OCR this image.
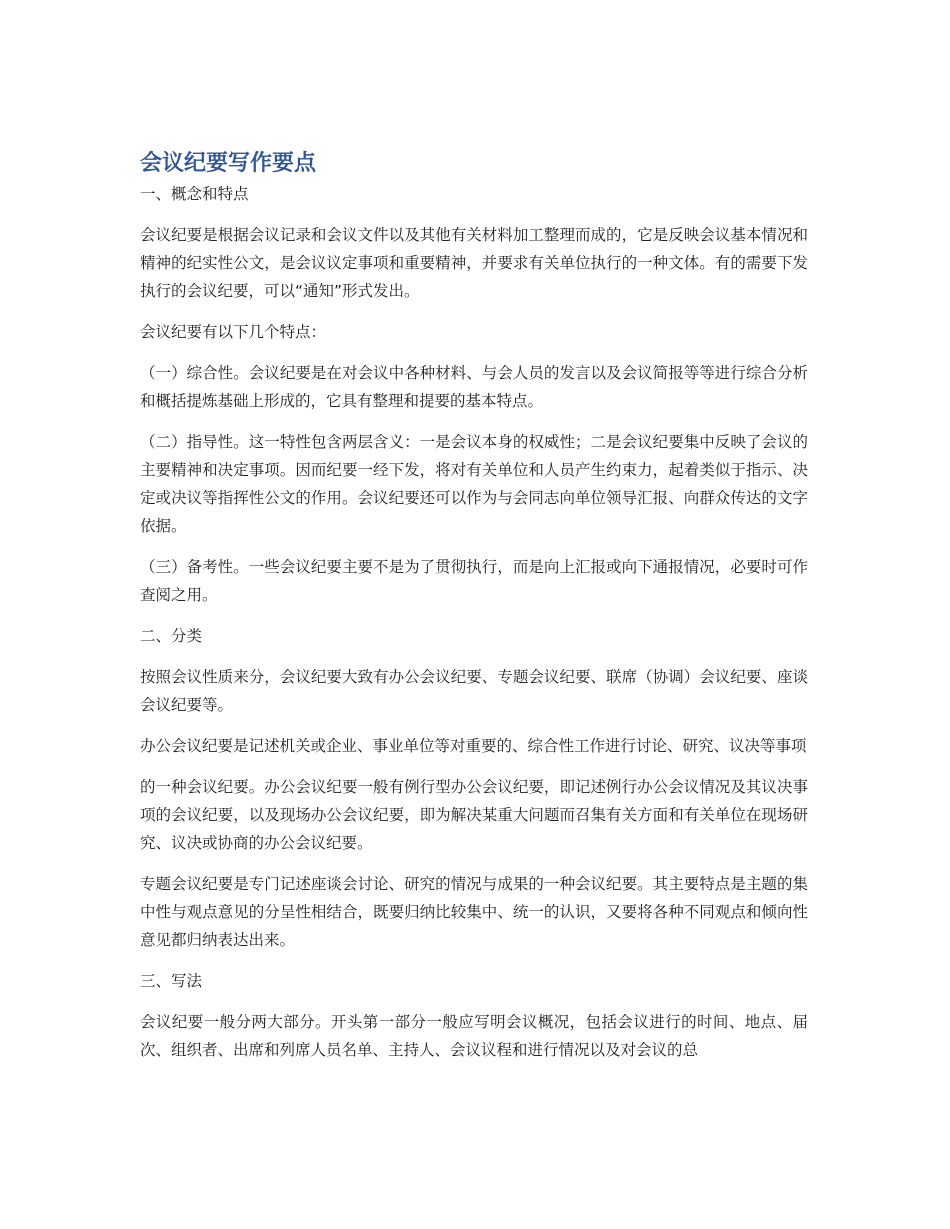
会议纪要写作要点

一、概念和特点

会议纪要是根据会议记录和会议文件以及其他有关材料加工整理而成的，它是反映会议基本情况和精神的纪实性公文，是会议议定事项和重要精神，并要求有关单位执行的一种文体。有的需要下发执行的会议纪要，可以“通知”形式发出。

会议纪要有以下几个特点：

（一）综合性。会议纪要是在对会议中各种材料、与会人员的发言以及会议简报等等进行综合分析和概括提炼基础上形成的，它具有整理和提要的基本特点。

（二）指导性。这一特性包含两层含义：一是会议本身的权威性；二是会议纪要集中反映了会议的主要精神和决定事项。因而纪要一经下发，将对有关单位和人员产生约束力，起着类似于指示、决定或决议等指挥性公文的作用。会议纪要还可以作为与会同志向单位领导汇报、向群众传达的文字依据。

（三）备考性。一些会议纪要主要不是为了贯彻执行，而是向上汇报或向下通报情况，必要时可作查阅之用。

二、分类

按照会议性质来分，会议纪要大致有办公会议纪要、专题会议纪要、联席（协调）会议纪要、座谈会议纪要等。

办公会议纪要是记述机关或企业、事业单位等对重要的、综合性工作进行讨论、研究、议决等事项

的一种会议纪要。办公会议纪要一般有例行型办公会议纪要，即记述例行办公会议情况及其议决事项的会议纪要，以及现场办公会议纪要，即为解决某重大问题而召集有关方面和有关单位在现场研究、议决或协商的办公会议纪要。

专题会议纪要是专门记述座谈会讨论、研究的情况与成果的一种会议纪要。其主要特点是主题的集中性与观点意见的分呈性相结合，既要归纳比较集中、统一的认识，又要将各种不同观点和倾向性意见都归纳表达出来。

三、写法

会议纪要一般分两大部分。开头第一部分一般应写明会议概况，包括会议进行的时间、地点、届次、组织者、出席和列席人员名单、主持人、会议议程和进行情况以及对会议的总
